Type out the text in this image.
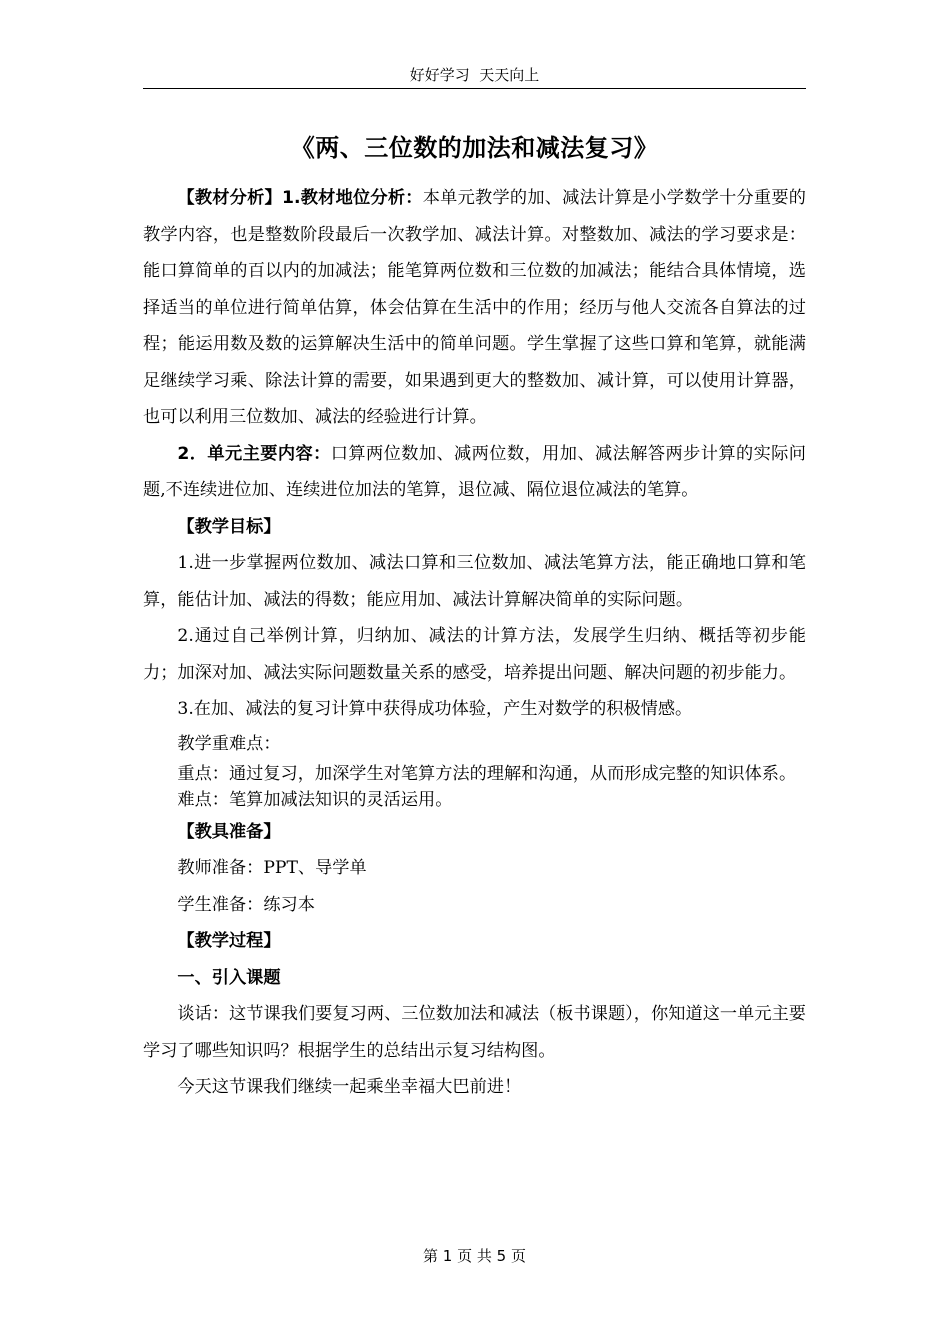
好好学习  天天向上
《两、三位数的加法和减法复习》

【教材分析】1.教材地位分析：本单元教学的加、减法计算是小学数学十分重要的教学内容，也是整数阶段最后一次教学加、减法计算。对整数加、减法的学习要求是：能口算简单的百以内的加减法；能笔算两位数和三位数的加减法；能结合具体情境，选择适当的单位进行简单估算，体会估算在生活中的作用；经历与他人交流各自算法的过程；能运用数及数的运算解决生活中的简单问题。学生掌握了这些口算和笔算，就能满足继续学习乘、除法计算的需要，如果遇到更大的整数加、减计算，可以使用计算器，也可以利用三位数加、减法的经验进行计算。

2．单元主要内容：口算两位数加、减两位数，用加、减法解答两步计算的实际问题,不连续进位加、连续进位加法的笔算，退位减、隔位退位减法的笔算。

【教学目标】

1.进一步掌握两位数加、减法口算和三位数加、减法笔算方法，能正确地口算和笔算，能估计加、减法的得数；能应用加、减法计算解决简单的实际问题。

2.通过自己举例计算，归纳加、减法的计算方法，发展学生归纳、概括等初步能力；加深对加、减法实际问题数量关系的感受，培养提出问题、解决问题的初步能力。

3.在加、减法的复习计算中获得成功体验，产生对数学的积极情感。

教学重难点：

重点：通过复习，加深学生对笔算方法的理解和沟通，从而形成完整的知识体系。

难点：笔算加减法知识的灵活运用。

【教具准备】

教师准备：PPT、导学单

学生准备：练习本

【教学过程】

一、引入课题

谈话：这节课我们要复习两、三位数加法和减法（板书课题），你知道这一单元主要学习了哪些知识吗？根据学生的总结出示复习结构图。

今天这节课我们继续一起乘坐幸福大巴前进！

第 1 页 共 5 页
